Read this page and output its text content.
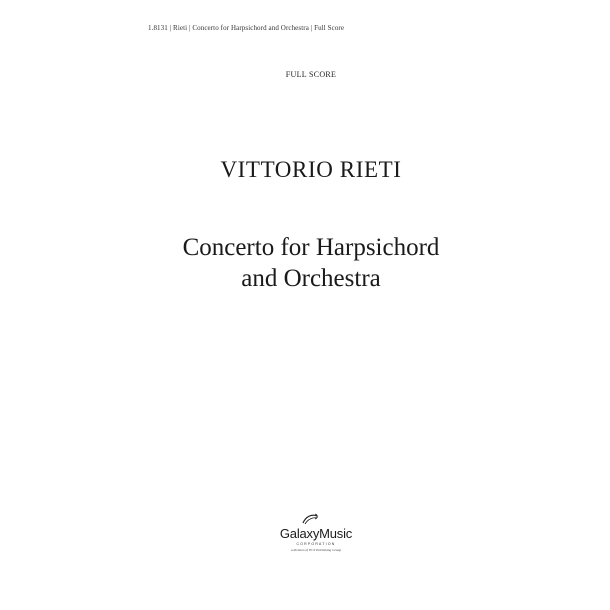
1.8131 | Rieti | Concerto for Harpsichord and Orchestra | Full Score
FULL SCORE
VITTORIO RIETI
Concerto for Harpsichord
and Orchestra
GalaxyMusic
CORPORATION
a division of ECS Publishing Group
